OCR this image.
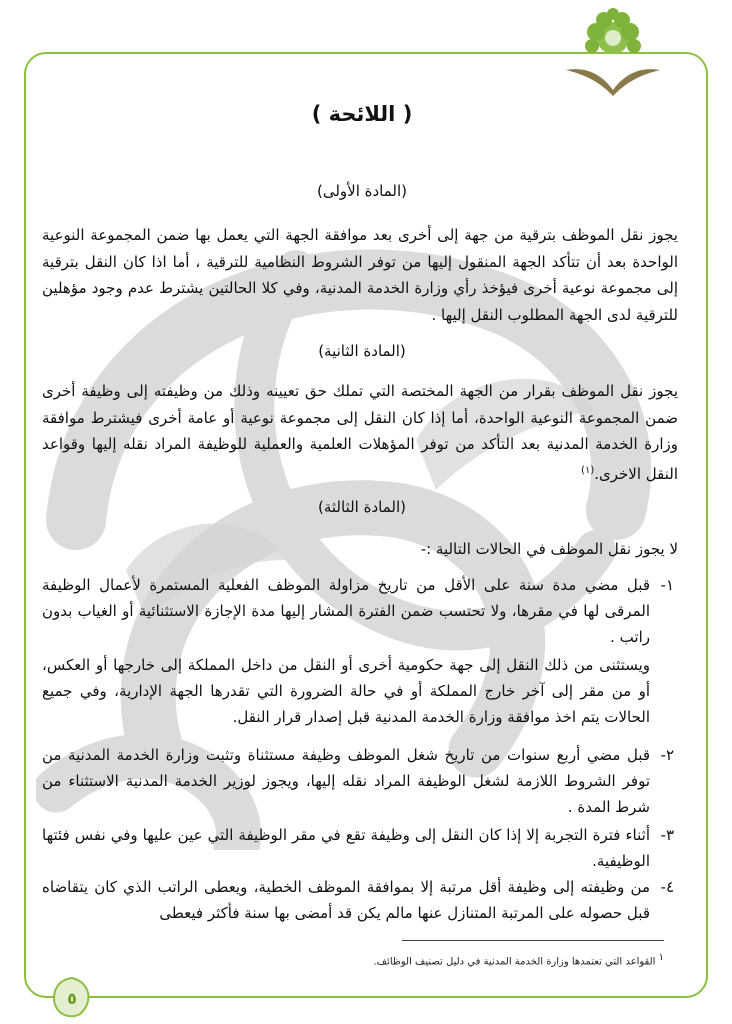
( اللائحة )
(المادة الأولى)
يجوز نقل الموظف بترقية من جهة إلى أخرى بعد موافقة الجهة التي يعمل بها ضمن المجموعة النوعية الواحدة بعد أن تتأكد الجهة المنقول إليها من توفر الشروط النظامية للترقية ، أما اذا كان النقل بترقية إلى مجموعة نوعية أخرى فيؤخذ رأي وزارة الخدمة المدنية، وفي كلا الحالتين يشترط عدم وجود مؤهلين للترقية لدى الجهة المطلوب النقل إليها .
(المادة الثانية)
يجوز نقل الموظف بقرار من الجهة المختصة التي تملك حق تعيينه وذلك من وظيفته إلى وظيفة أخرى ضمن المجموعة النوعية الواحدة، أما إذا كان النقل إلى مجموعة نوعية أو عامة أخرى فيشترط موافقة وزارة الخدمة المدنية بعد التأكد من توفر المؤهلات العلمية والعملية للوظيفة المراد نقله إليها وقواعد النقل الاخرى.$^{(١)}$
(المادة الثالثة)
لا يجوز نقل الموظف في الحالات التالية :-
١-
قبل مضي مدة سنة على الأقل من تاريخ مزاولة الموظف الفعلية المستمرة لأعمال الوظيفة المرقى لها في مقرها، ولا تحتسب ضمن الفترة المشار إليها مدة الإجازة الاستثنائية أو الغياب بدون راتب .
ويستثنى من ذلك النقل إلى جهة حكومية أخرى أو النقل من داخل المملكة إلى خارجها أو العكس، أو من مقر إلى آخر خارج المملكة أو في حالة الضرورة التي تقدرها الجهة الإدارية، وفي جميع الحالات يتم اخذ موافقة وزارة الخدمة المدنية قبل إصدار قرار النقل.
٢-
قبل مضي أربع سنوات من تاريخ شغل الموظف وظيفة مستثناة وتثبت وزارة الخدمة المدنية من توفر الشروط اللازمة لشغل الوظيفة المراد نقله إليها، ويجوز لوزير الخدمة المدنية الاستثناء من شرط المدة .
٣-
أثناء فترة التجربة إلا إذا كان النقل إلى وظيفة تقع في مقر الوظيفة التي عين عليها وفي نفس فئتها الوظيفية.
٤-
من وظيفته إلى وظيفة أقل مرتبة إلا بموافقة الموظف الخطية، ويعطى الراتب الذي كان يتقاضاه قبل حصوله على المرتبة المتنازل عنها مالم يكن قد أمضى بها سنة فأكثر فيعطى
١ القواعد التي تعتمدها وزارة الخدمة المدنية في دليل تصنيف الوظائف.
٥
